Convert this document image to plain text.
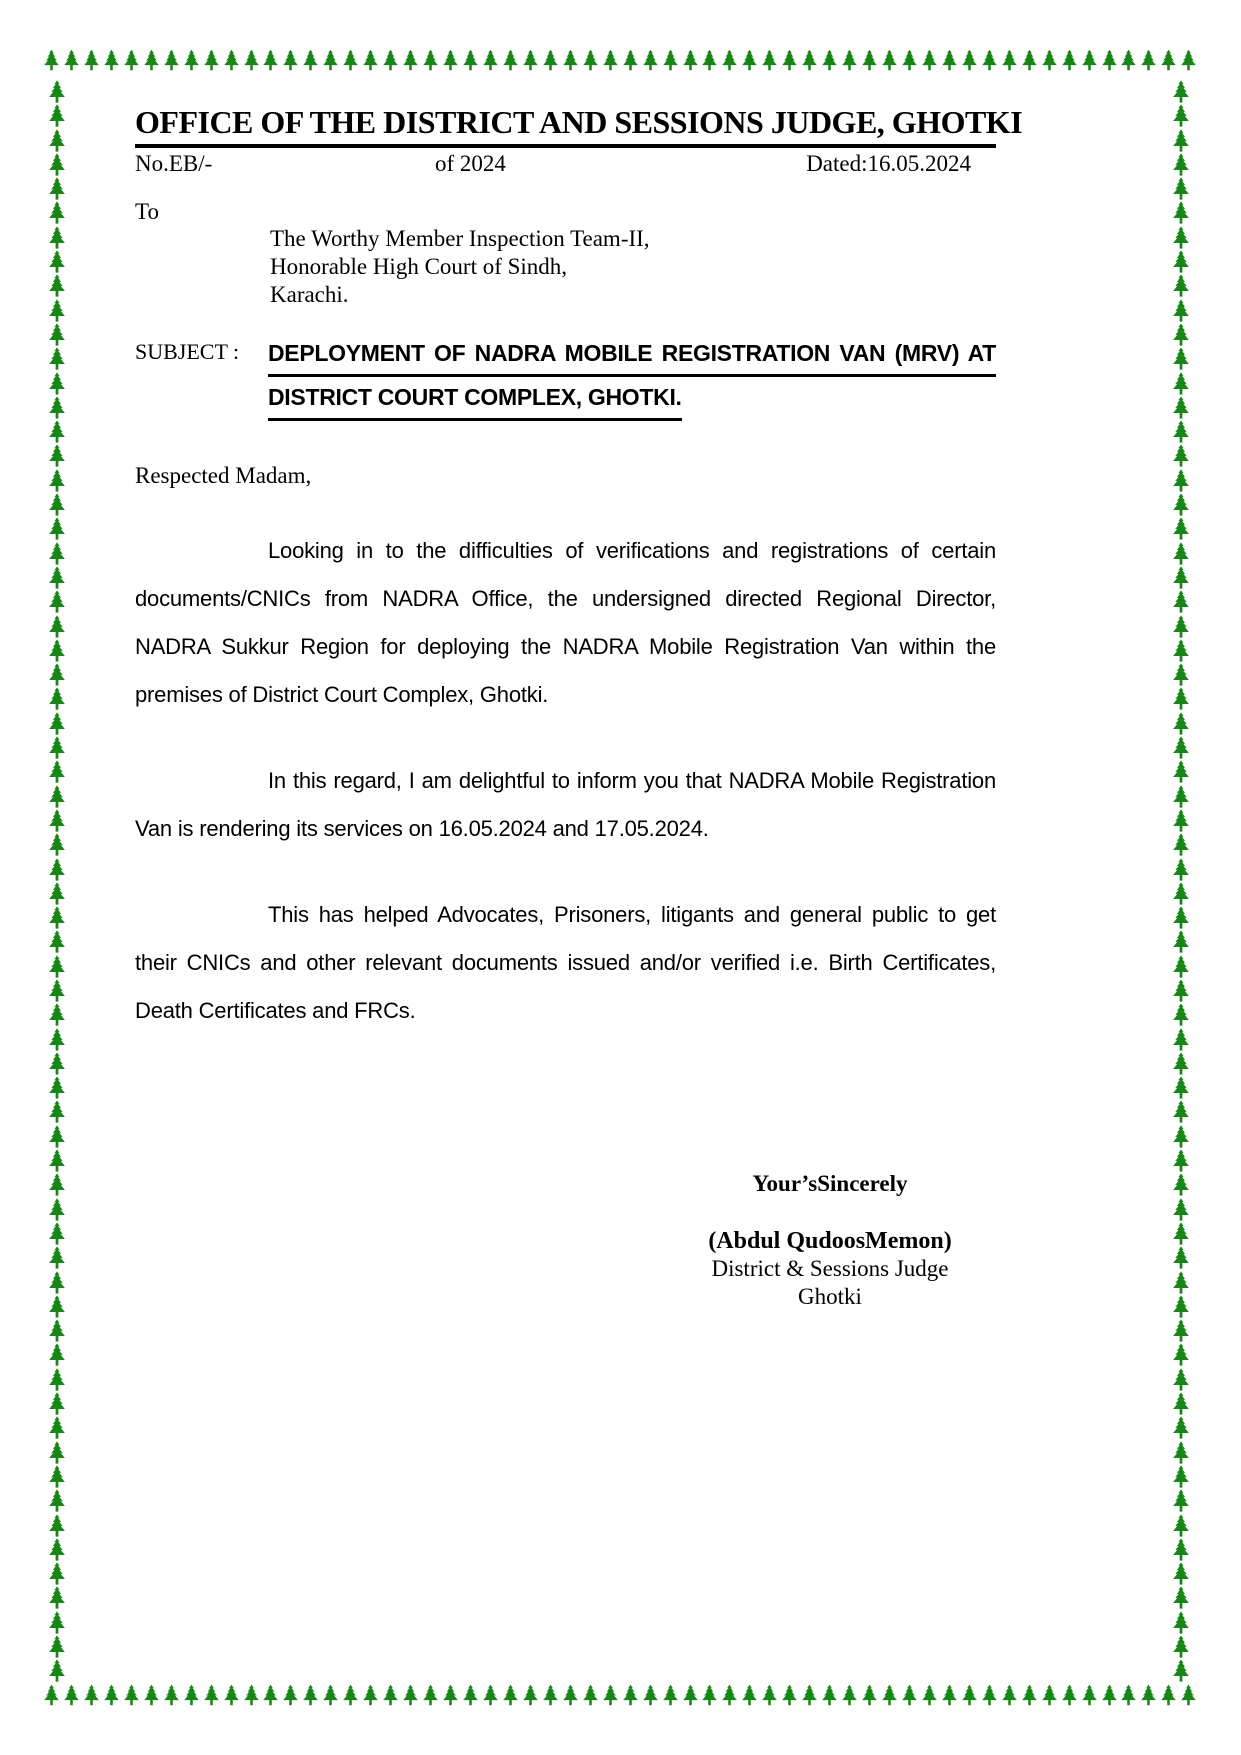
OFFICE OF THE DISTRICT AND SESSIONS JUDGE, GHOTKI
No.EB/-	of 2024	Dated:16.05.2024
To
The Worthy Member Inspection Team-II,
Honorable High Court of Sindh,
Karachi.
SUBJECT :	DEPLOYMENT OF NADRA MOBILE REGISTRATION VAN (MRV) AT
DISTRICT COURT COMPLEX, GHOTKI.
Respected Madam,

Looking in to the difficulties of verifications and registrations of certain documents/CNICs from NADRA Office, the undersigned directed Regional Director, NADRA Sukkur Region for deploying the NADRA Mobile Registration Van within the premises of District Court Complex, Ghotki.

In this regard, I am delightful to inform you that NADRA Mobile Registration Van is rendering its services on 16.05.2024 and 17.05.2024.

This has helped Advocates, Prisoners, litigants and general public to get their CNICs and other relevant documents issued and/or verified i.e. Birth Certificates, Death Certificates and FRCs.

Your’sSincerely
(Abdul QudoosMemon)
District & Sessions Judge
Ghotki
